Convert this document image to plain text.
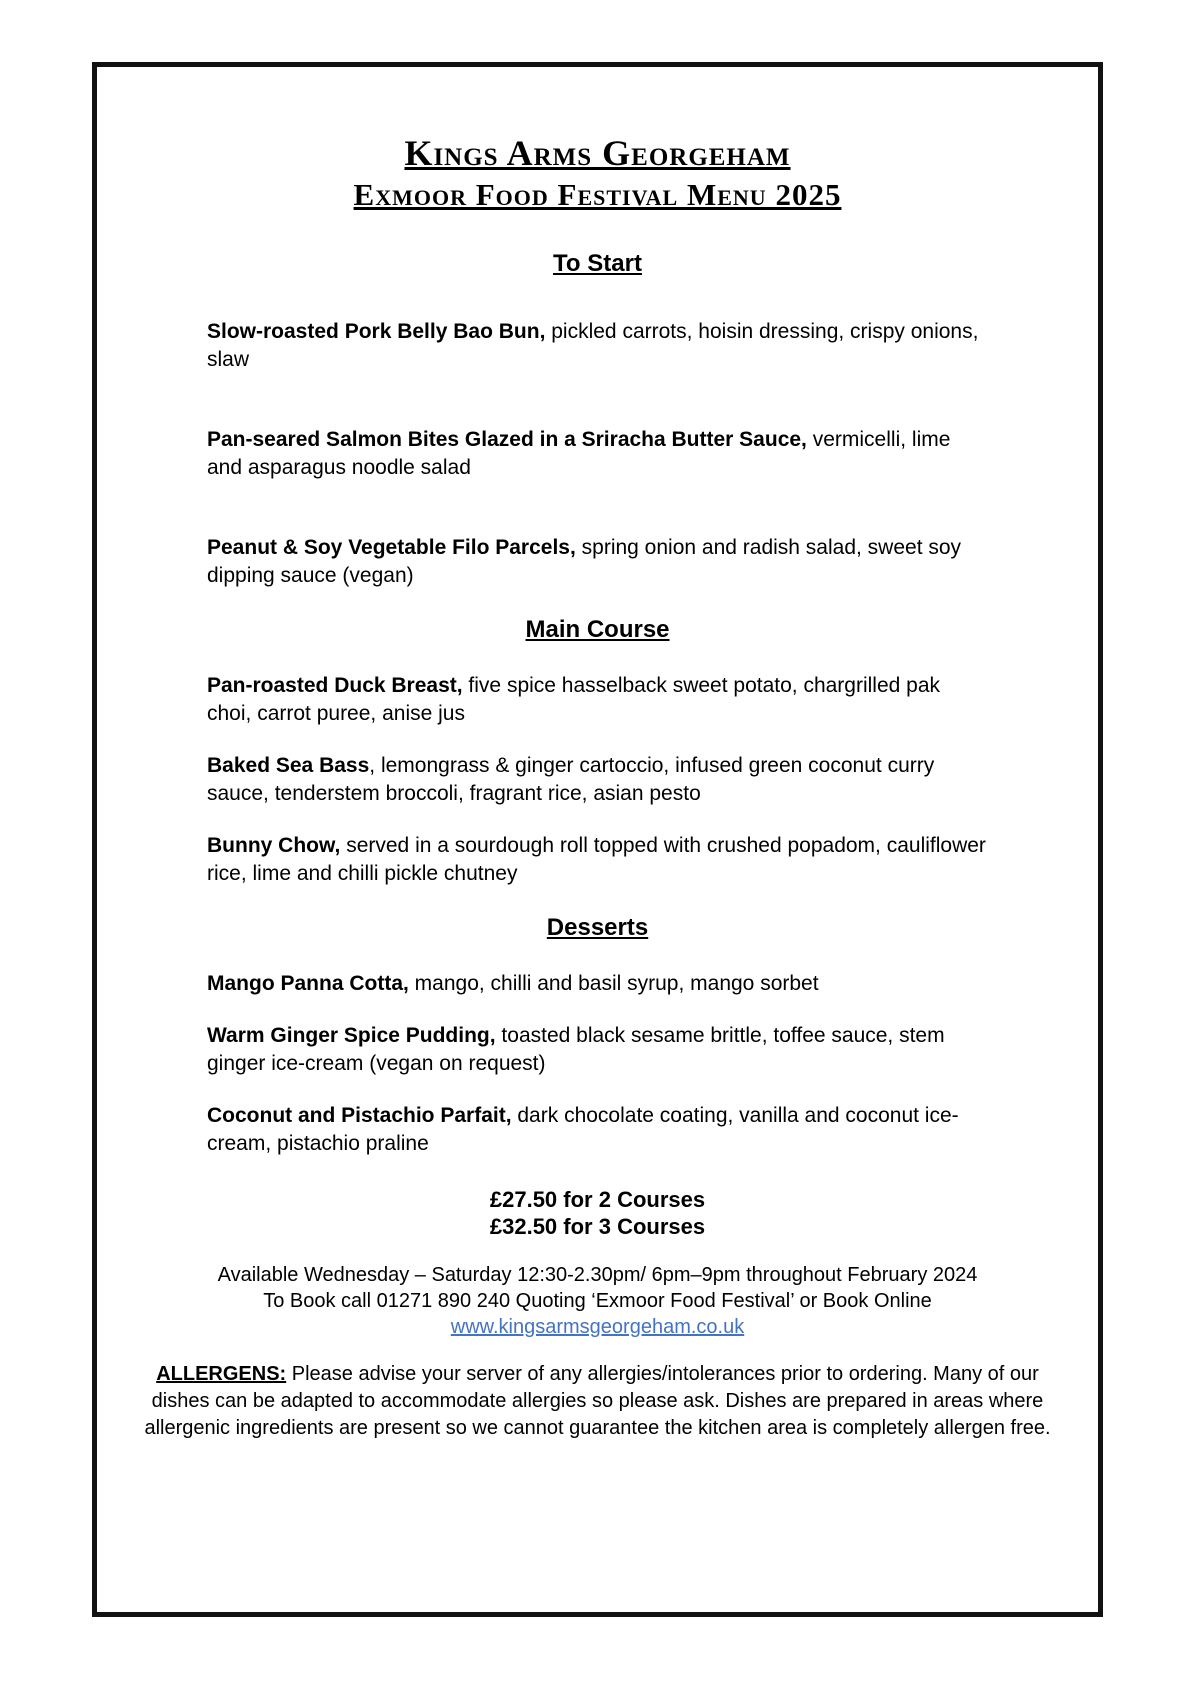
Kings Arms Georgeham
Exmoor Food Festival Menu 2025
To Start

Slow-roasted Pork Belly Bao Bun, pickled carrots, hoisin dressing, crispy onions, slaw

Pan-seared Salmon Bites Glazed in a Sriracha Butter Sauce, vermicelli, lime and asparagus noodle salad

Peanut & Soy Vegetable Filo Parcels, spring onion and radish salad, sweet soy dipping sauce (vegan)

Main Course

Pan-roasted Duck Breast, five spice hasselback sweet potato, chargrilled pak choi, carrot puree, anise jus

Baked Sea Bass, lemongrass & ginger cartoccio, infused green coconut curry sauce, tenderstem broccoli, fragrant rice, asian pesto

Bunny Chow, served in a sourdough roll topped with crushed popadom, cauliflower rice, lime and chilli pickle chutney

Desserts

Mango Panna Cotta, mango, chilli and basil syrup, mango sorbet

Warm Ginger Spice Pudding, toasted black sesame brittle, toffee sauce, stem ginger ice-cream (vegan on request)

Coconut and Pistachio Parfait, dark chocolate coating, vanilla and coconut ice-cream, pistachio praline

£27.50 for 2 Courses

£32.50 for 3 Courses

Available Wednesday – Saturday 12:30-2.30pm/ 6pm–9pm throughout February 2024

To Book call 01271 890 240 Quoting ‘Exmoor Food Festival’ or Book Online

www.kingsarmsgeorgeham.co.uk

ALLERGENS: Please advise your server of any allergies/intolerances prior to ordering. Many of our dishes can be adapted to accommodate allergies so please ask. Dishes are prepared in areas where allergenic ingredients are present so we cannot guarantee the kitchen area is completely allergen free.
